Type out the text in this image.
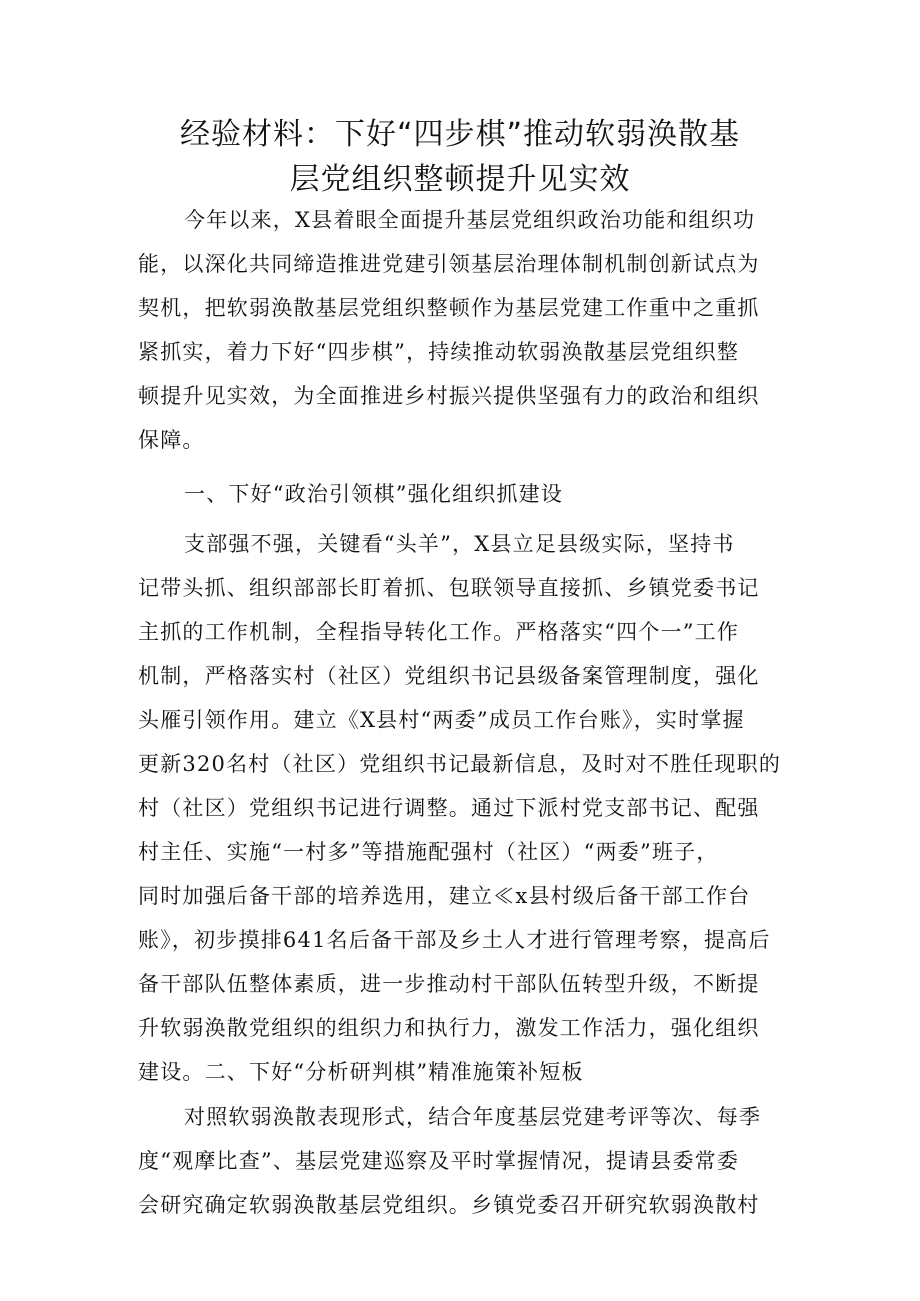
经验材料：下好“四步棋”推动软弱涣散基
层党组织整顿提升见实效
今年以来，X县着眼全面提升基层党组织政治功能和组织功
能，以深化共同缔造推进党建引领基层治理体制机制创新试点为
契机，把软弱涣散基层党组织整顿作为基层党建工作重中之重抓
紧抓实，着力下好“四步棋”，持续推动软弱涣散基层党组织整
顿提升见实效，为全面推进乡村振兴提供坚强有力的政治和组织
保障。
一、下好“政治引领棋”强化组织抓建设
支部强不强，关键看“头羊”，X县立足县级实际，坚持书
记带头抓、组织部部长盯着抓、包联领导直接抓、乡镇党委书记
主抓的工作机制，全程指导转化工作。严格落实“四个一”工作
机制，严格落实村（社区）党组织书记县级备案管理制度，强化
头雁引领作用。建立《X县村“两委”成员工作台账》，实时掌握
更新320名村（社区）党组织书记最新信息，及时对不胜任现职的
村（社区）党组织书记进行调整。通过下派村党支部书记、配强
村主任、实施“一村多”等措施配强村（社区）“两委”班子，
同时加强后备干部的培养选用，建立≪x县村级后备干部工作台
账》，初步摸排641名后备干部及乡土人才进行管理考察，提高后
备干部队伍整体素质，进一步推动村干部队伍转型升级，不断提
升软弱涣散党组织的组织力和执行力，激发工作活力，强化组织
建设。二、下好“分析研判棋”精准施策补短板
对照软弱涣散表现形式，结合年度基层党建考评等次、每季
度“观摩比查”、基层党建巡察及平时掌握情况，提请县委常委
会研究确定软弱涣散基层党组织。乡镇党委召开研究软弱涣散村
